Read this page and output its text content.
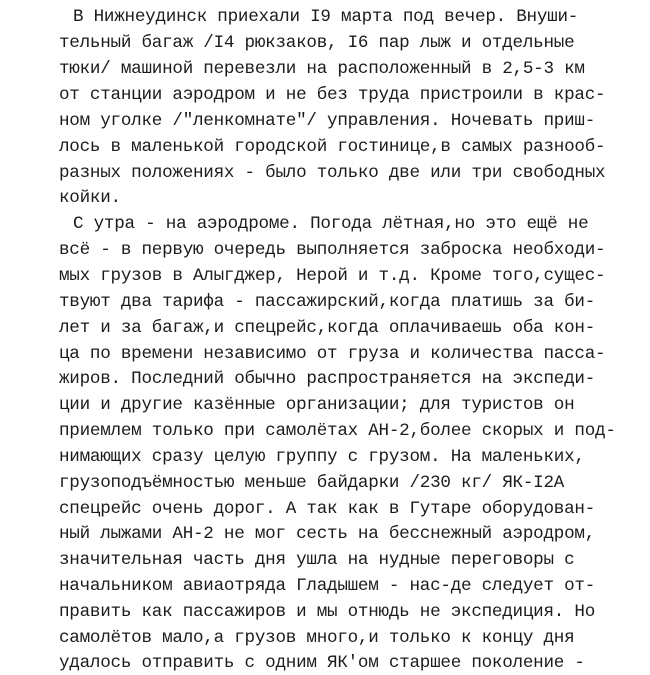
В Нижнеудинск приехали I9 марта под вечер. Внуши-
тельный багаж /I4 рюкзаков, I6 пар лыж и отдельные
тюки/ машиной перевезли на расположенный в 2,5-3 км
от станции аэродром и не без труда пристроили в крас-
ном уголке /"ленкомнате"/ управления. Ночевать приш-
лось в маленькой городской гостинице,в самых разнооб-
разных положениях - было только две или три свободных
койки.
С утра - на аэродроме. Погода лётная,но это ещё не
всё - в первую очередь выполняется заброска необходи-
мых грузов в Алыгджер, Нерой и т.д. Кроме того,сущес-
твуют два тарифа - пассажирский,когда платишь за би-
лет и за багаж,и спецрейс,когда оплачиваешь оба кон-
ца по времени независимо от груза и количества пасса-
жиров. Последний обычно распространяется на экспеди-
ции и другие казённые организации; для туристов он
приемлем только при самолётах АН-2,более скорых и под-
нимающих сразу целую группу с грузом. На маленьких,
грузоподъёмностью меньше байдарки /230 кг/ ЯК-I2А
спецрейс очень дорог. А так как в Гутаре оборудован-
ный лыжами АН-2 не мог сесть на бесснежный аэродром,
значительная часть дня ушла на нудные переговоры с
начальником авиаотряда Гладышем - нас-де следует от-
править как пассажиров и мы отнюдь не экспедиция. Но
самолётов мало,а грузов много,и только к концу дня
удалось отправить с одним ЯК'ом старшее поколение -
